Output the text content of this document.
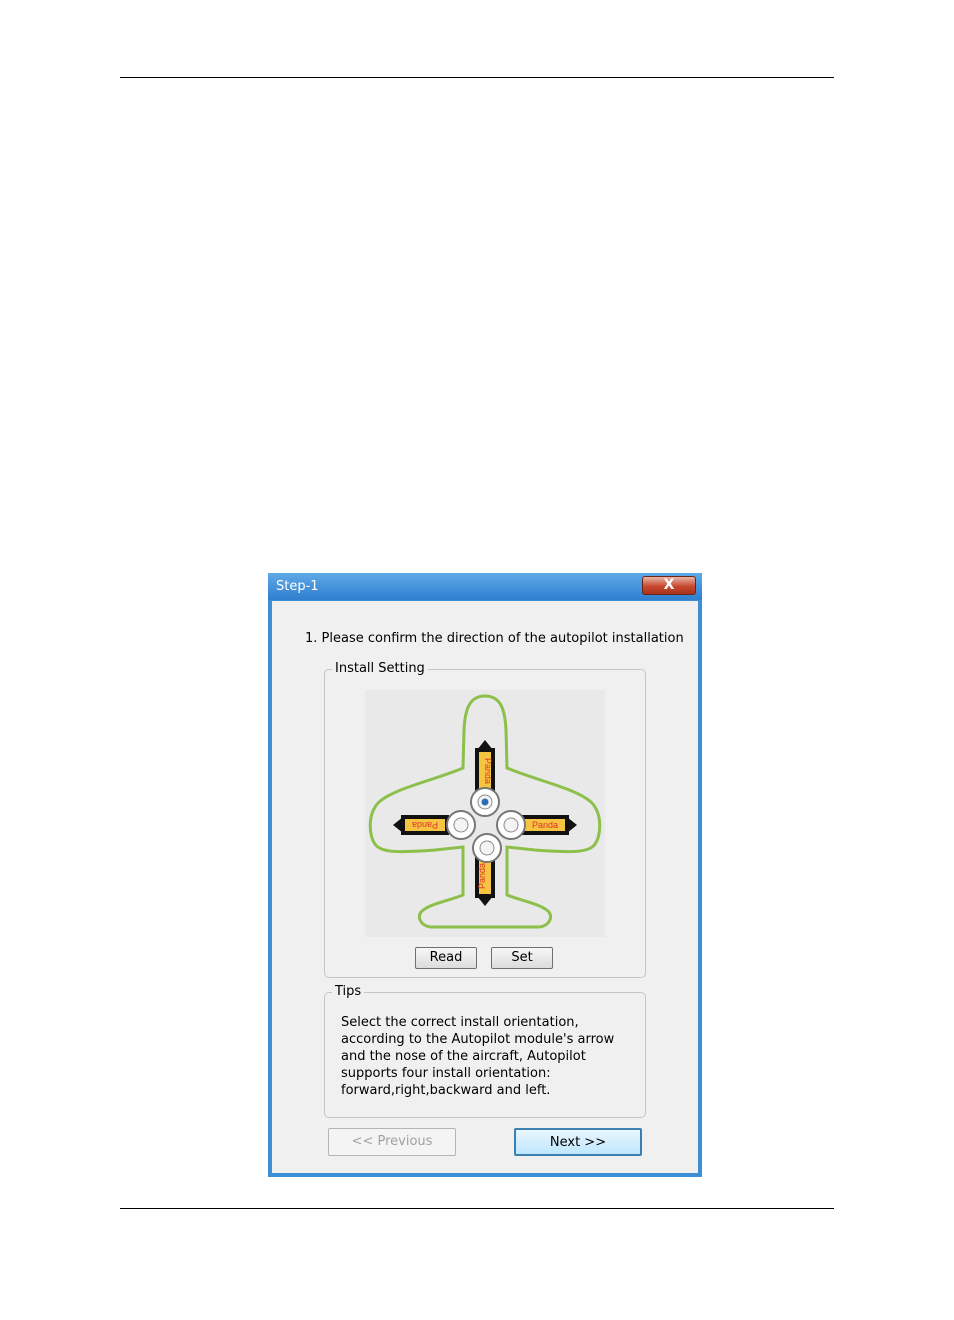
Step-1	X
1. Please confirm the direction of the autopilot installation
Install Setting
Panda
Panda
Panda	Panda
Read	Set
Tips
Select the correct install orientation, according to the Autopilot module's arrow and the nose of the aircraft, Autopilot supports four install orientation: forward,right,backward and left.
<< Previous	Next >>
